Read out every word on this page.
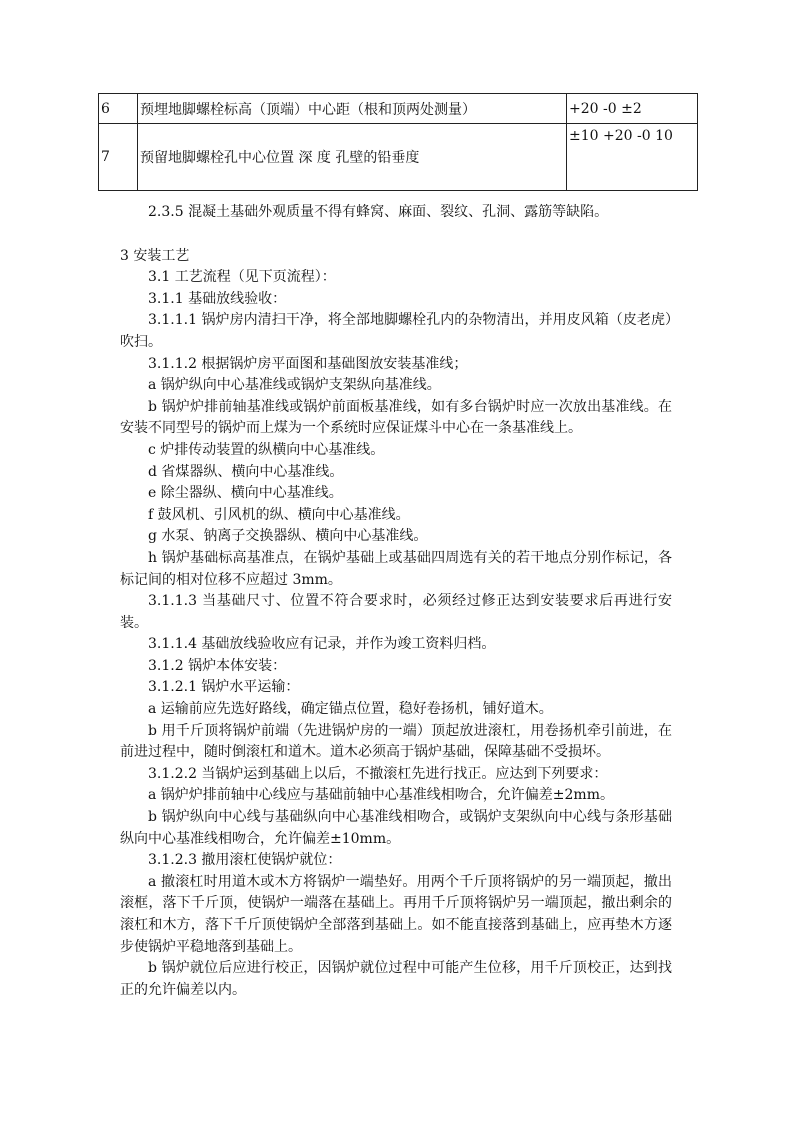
6	预埋地脚螺栓标高（顶端）中心距（根和顶两处测量）	+20 -0 ±2
7	预留地脚螺栓孔中心位置 深 度 孔壁的铅垂度	±10 +20 -0 10

2.3.5 混凝土基础外观质量不得有蜂窝、麻面、裂纹、孔洞、露筋等缺陷。

3 安装工艺

3.1 工艺流程（见下页流程）：

3.1.1 基础放线验收：

3.1.1.1 锅炉房内清扫干净，将全部地脚螺栓孔内的杂物清出，并用皮风箱（皮老虎）吹扫。

3.1.1.2 根据锅炉房平面图和基础图放安装基准线；

a 锅炉纵向中心基准线或锅炉支架纵向基准线。

b 锅炉炉排前轴基准线或锅炉前面板基准线，如有多台锅炉时应一次放出基准线。在安装不同型号的锅炉而上煤为一个系统时应保证煤斗中心在一条基准线上。

c 炉排传动装置的纵横向中心基准线。

d 省煤器纵、横向中心基准线。

e 除尘器纵、横向中心基准线。

f 鼓风机、引风机的纵、横向中心基准线。

g 水泵、钠离子交换器纵、横向中心基准线。

h 锅炉基础标高基准点，在锅炉基础上或基础四周选有关的若干地点分别作标记，各标记间的相对位移不应超过 3mm。

3.1.1.3 当基础尺寸、位置不符合要求时，必须经过修正达到安装要求后再进行安装。

3.1.1.4 基础放线验收应有记录，并作为竣工资料归档。

3.1.2 锅炉本体安装：

3.1.2.1 锅炉水平运输：

a 运输前应先选好路线，确定锚点位置，稳好卷扬机，铺好道木。

b 用千斤顶将锅炉前端（先进锅炉房的一端）顶起放进滚杠，用卷扬机牵引前进，在前进过程中，随时倒滚杠和道木。道木必须高于锅炉基础，保障基础不受损坏。

3.1.2.2 当锅炉运到基础上以后，不撤滚杠先进行找正。应达到下列要求：

a 锅炉炉排前轴中心线应与基础前轴中心基准线相吻合，允许偏差±2mm。

b 锅炉纵向中心线与基础纵向中心基准线相吻合，或锅炉支架纵向中心线与条形基础纵向中心基准线相吻合，允许偏差±10mm。

3.1.2.3 撤用滚杠使锅炉就位：

a 撤滚杠时用道木或木方将锅炉一端垫好。用两个千斤顶将锅炉的另一端顶起，撤出滚框，落下千斤顶，使锅炉一端落在基础上。再用千斤顶将锅炉另一端顶起，撤出剩余的滚杠和木方，落下千斤顶使锅炉全部落到基础上。如不能直接落到基础上，应再垫木方逐步使锅炉平稳地落到基础上。

b 锅炉就位后应进行校正，因锅炉就位过程中可能产生位移，用千斤顶校正，达到找正的允许偏差以内。
